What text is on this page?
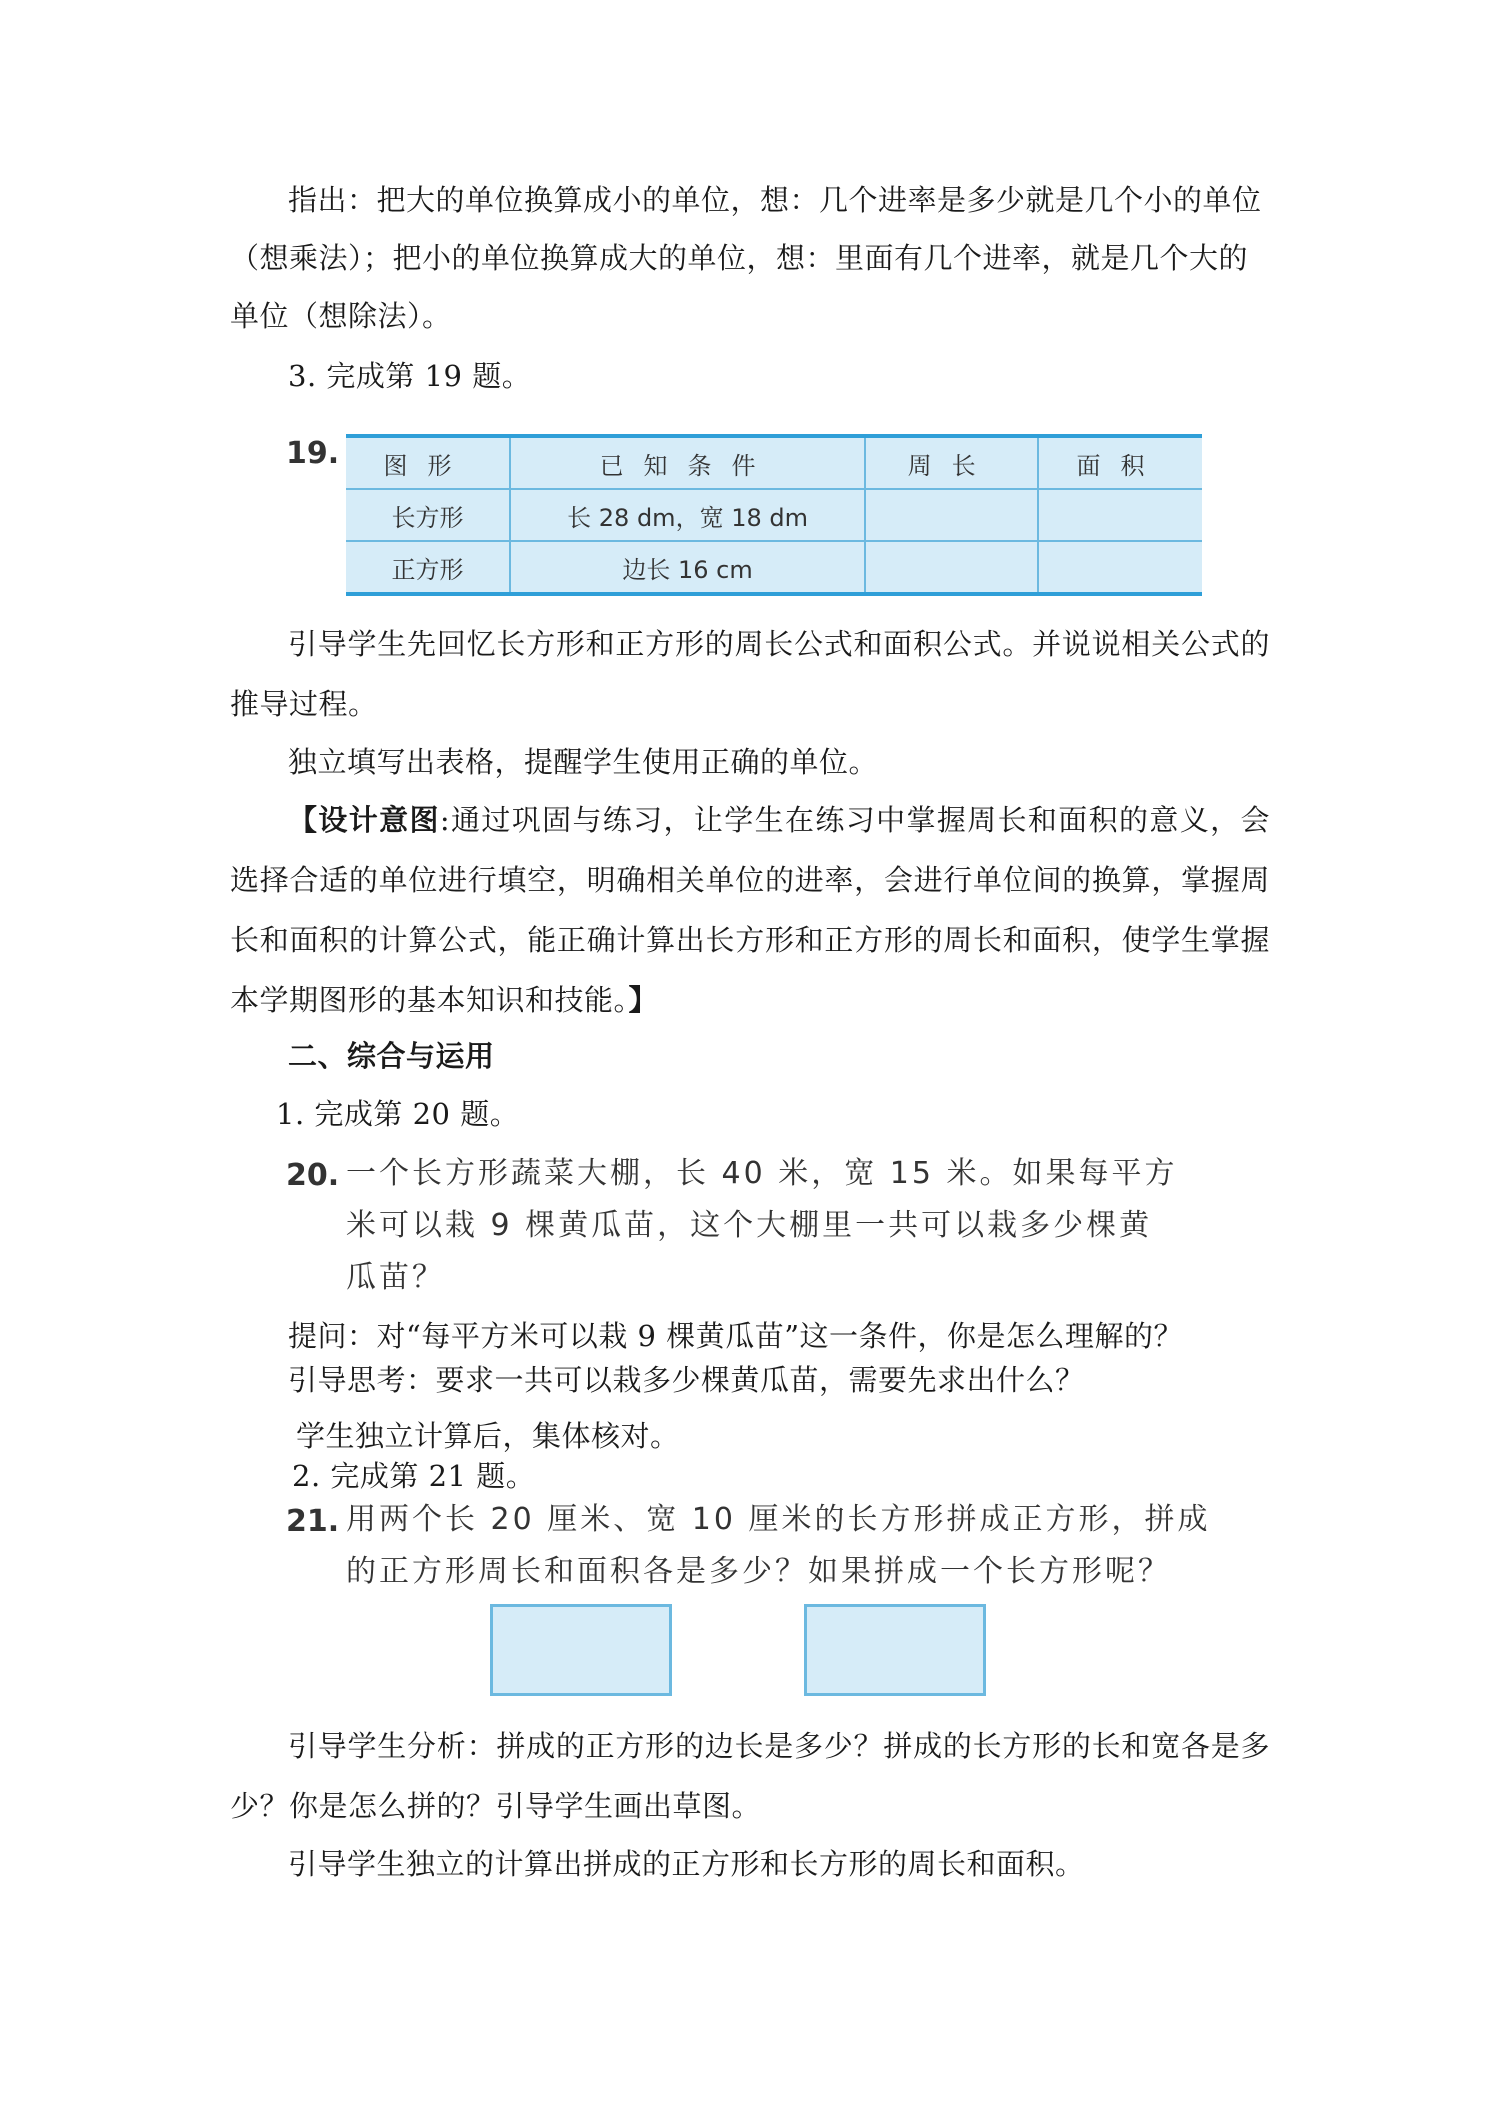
指出：把大的单位换算成小的单位，想：几个进率是多少就是几个小的单位
（想乘法）；把小的单位换算成大的单位，想：里面有几个进率，就是几个大的
单位（想除法）。
3. 完成第 19 题。
19. 图形	已知条件	周长	面积
长方形	长 28 dm，宽 18 dm		
正方形	边长 16 cm		
引导学生先回忆长方形和正方形的周长公式和面积公式。并说说相关公式的推导过程。
独立填写出表格，提醒学生使用正确的单位。
【设计意图:通过巩固与练习，让学生在练习中掌握周长和面积的意义，会选择合适的单位进行填空，明确相关单位的进率，会进行单位间的换算，掌握周长和面积的计算公式，能正确计算出长方形和正方形的周长和面积，使学生掌握本学期图形的基本知识和技能。】
二、综合与运用
1. 完成第 20 题。
20. 一个长方形蔬菜大棚，长 40 米，宽 15 米。如果每平方
米可以栽 9 棵黄瓜苗，这个大棚里一共可以栽多少棵黄
瓜苗？
提问：对“每平方米可以栽 9 棵黄瓜苗”这一条件，你是怎么理解的？
引导思考：要求一共可以栽多少棵黄瓜苗，需要先求出什么？
学生独立计算后，集体核对。
2. 完成第 21 题。
21. 用两个长 20 厘米、宽 10 厘米的长方形拼成正方形，拼成
的正方形周长和面积各是多少？如果拼成一个长方形呢？
引导学生分析：拼成的正方形的边长是多少？拼成的长方形的长和宽各是多少？你是怎么拼的？引导学生画出草图。
引导学生独立的计算出拼成的正方形和长方形的周长和面积。
